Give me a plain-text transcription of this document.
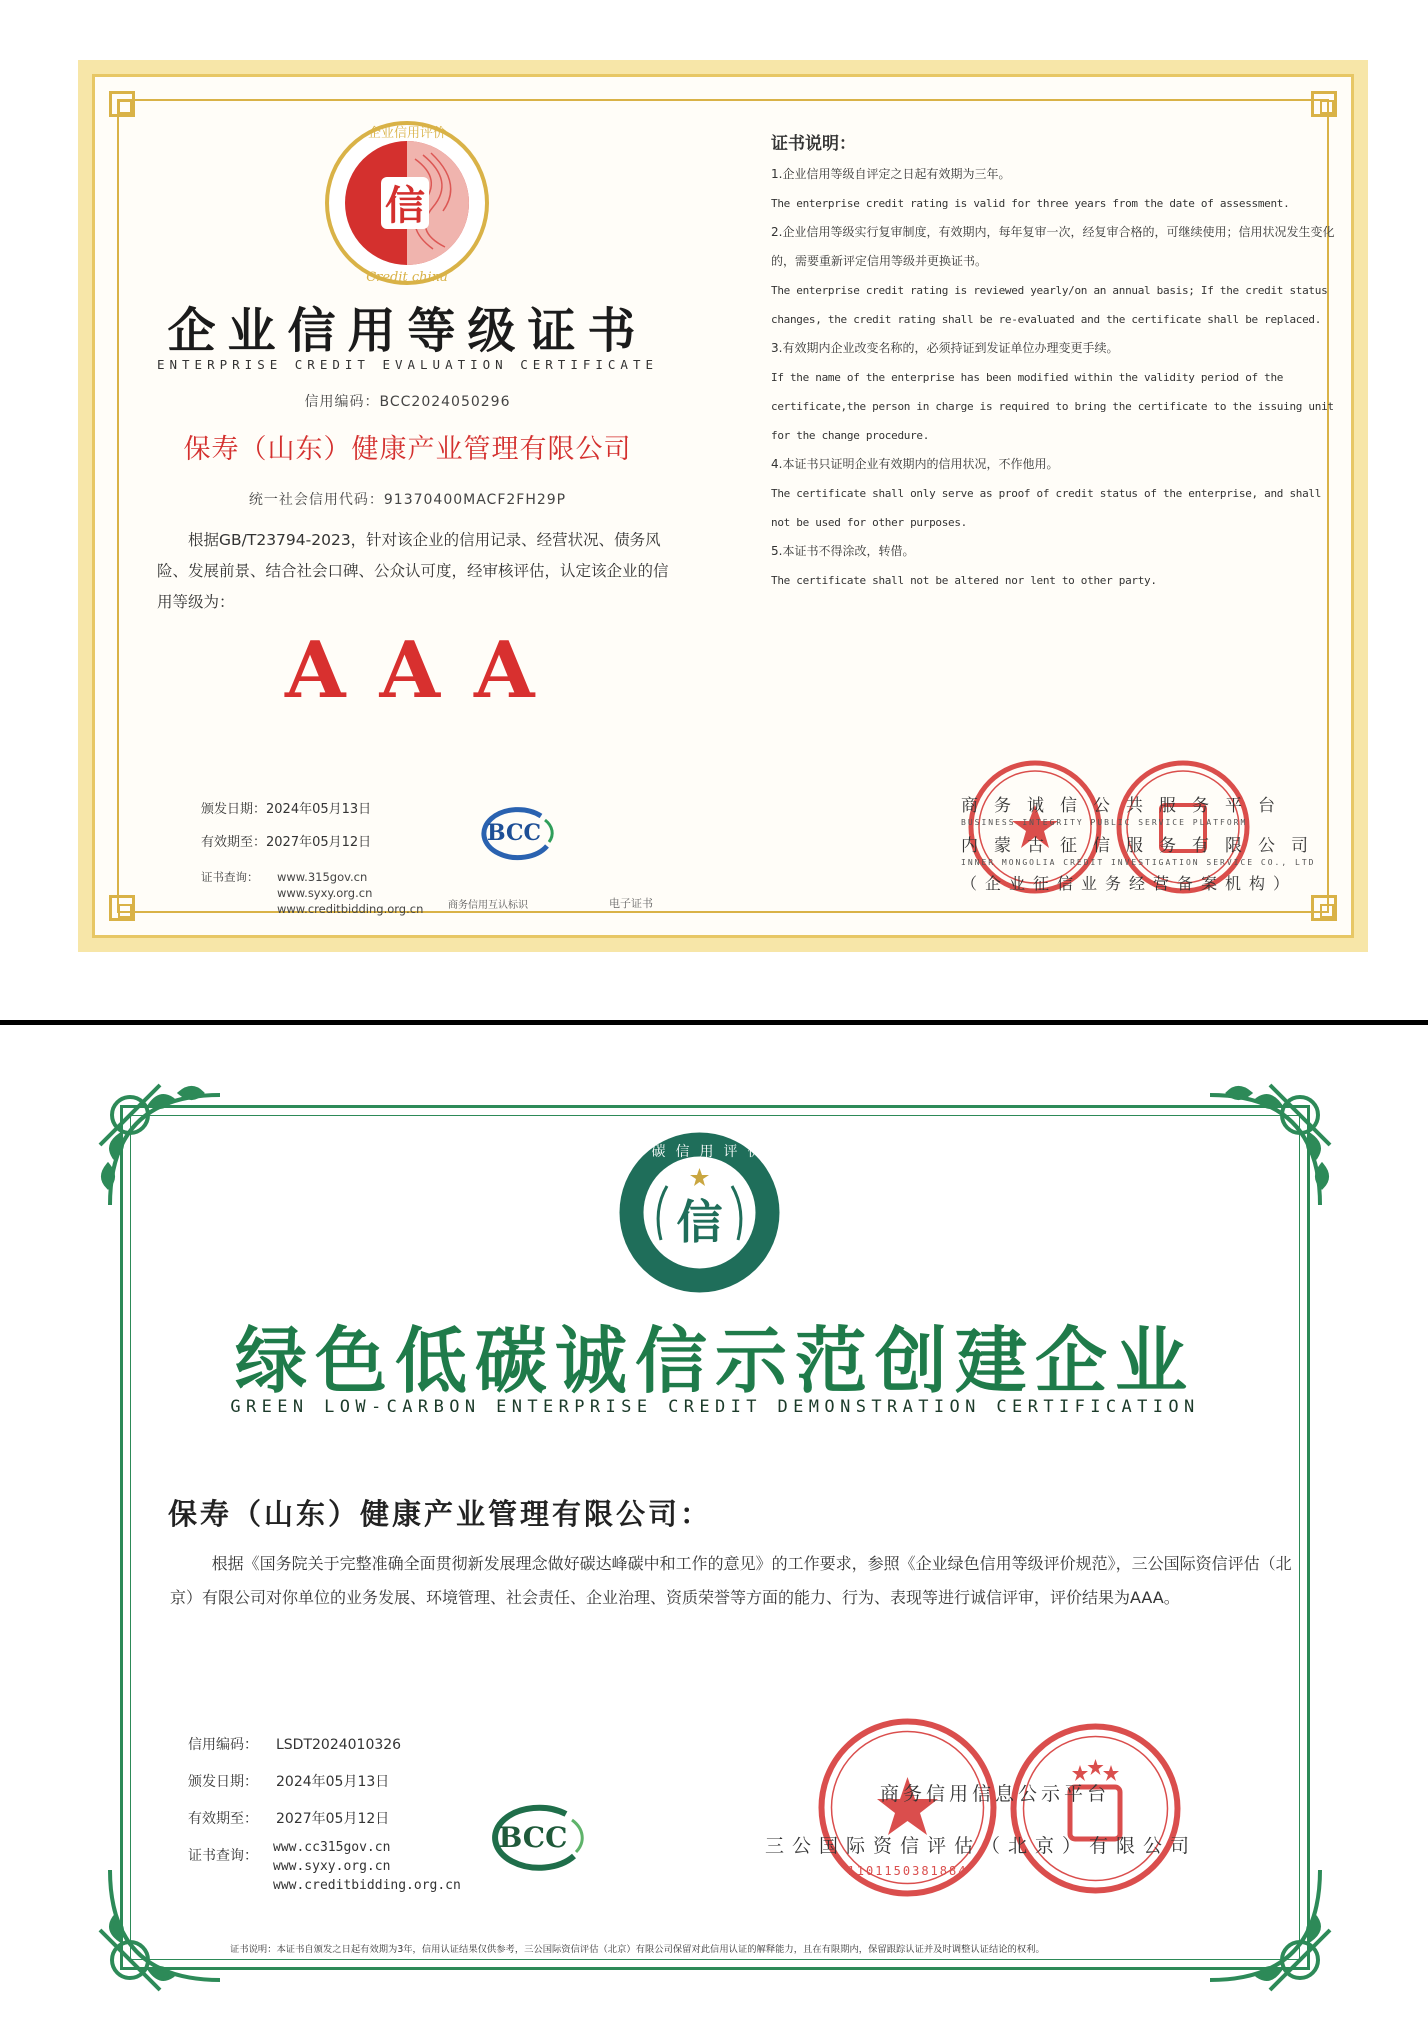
信
企业信用评价
Credit china
企业信用等级证书
ENTERPRISE CREDIT EVALUATION CERTIFICATE
信用编码：BCC2024050296
保寿（山东）健康产业管理有限公司
统一社会信用代码：91370400MACF2FH29P
根据GB/T23794-2023，针对该企业的信用记录、经营状况、债务风险、发展前景、结合社会口碑、公众认可度，经审核评估，认定该企业的信用等级为：
AAA
颁发日期：2024年05月13日
有效期至：2027年05月12日
证书查询：	www.315gov.cn
www.syxy.org.cn
www.creditbidding.org.cn
BCC
商务信用互认标识	电子证书
证书说明：
1.企业信用等级自评定之日起有效期为三年。
The enterprise credit rating is valid for three years from the date of assessment.
2.企业信用等级实行复审制度，有效期内，每年复审一次，经复审合格的，可继续使用；信用状况发生变化的，需要重新评定信用等级并更换证书。
The enterprise credit rating is reviewed yearly/on an annual basis; If the credit status changes, the credit rating shall be re-evaluated and the certificate shall be replaced.
3.有效期内企业改变名称的，必须持证到发证单位办理变更手续。
If the name of the enterprise has been modified within the validity period of the certificate,the person in charge is required to bring the certificate to the issuing unit for the change procedure.
4.本证书只证明企业有效期内的信用状况，不作他用。
The certificate shall only serve as proof of credit status of the enterprise, and shall not be used for other purposes.
5.本证书不得涂改，转借。
The certificate shall not be altered nor lent to other party.
商务诚信公共服务平台
BUSINESS INTEGRITY PUBLIC SERVICE PLATFORM
内蒙古征信服务有限公司
INNER MONGOLIA CREDIT INVESTIGATION SERVICE CO., LTD
（企业征信业务经营备案机构）
低碳信用评价
信
绿色低碳诚信示范创建企业
GREEN LOW-CARBON ENTERPRISE CREDIT DEMONSTRATION CERTIFICATION
保寿（山东）健康产业管理有限公司：
根据《国务院关于完整准确全面贯彻新发展理念做好碳达峰碳中和工作的意见》的工作要求，参照《企业绿色信用等级评价规范》，三公国际资信评估（北京）有限公司对你单位的业务发展、环境管理、社会责任、企业治理、资质荣誉等方面的能力、行为、表现等进行诚信评审，评价结果为AAA。
信用编码：	LSDT2024010326
颁发日期：	2024年05月13日
有效期至：	2027年05月12日
证书查询：
www.cc315gov.cn
www.syxy.org.cn
www.creditbidding.org.cn
BCC
1101150381884
商务信用信息公示平台
三公国际资信评估（北京）有限公司
证书说明：本证书自颁发之日起有效期为3年，信用认证结果仅供参考，三公国际资信评估（北京）有限公司保留对此信用认证的解释能力，且在有限期内，保留跟踪认证并及时调整认证结论的权利。
